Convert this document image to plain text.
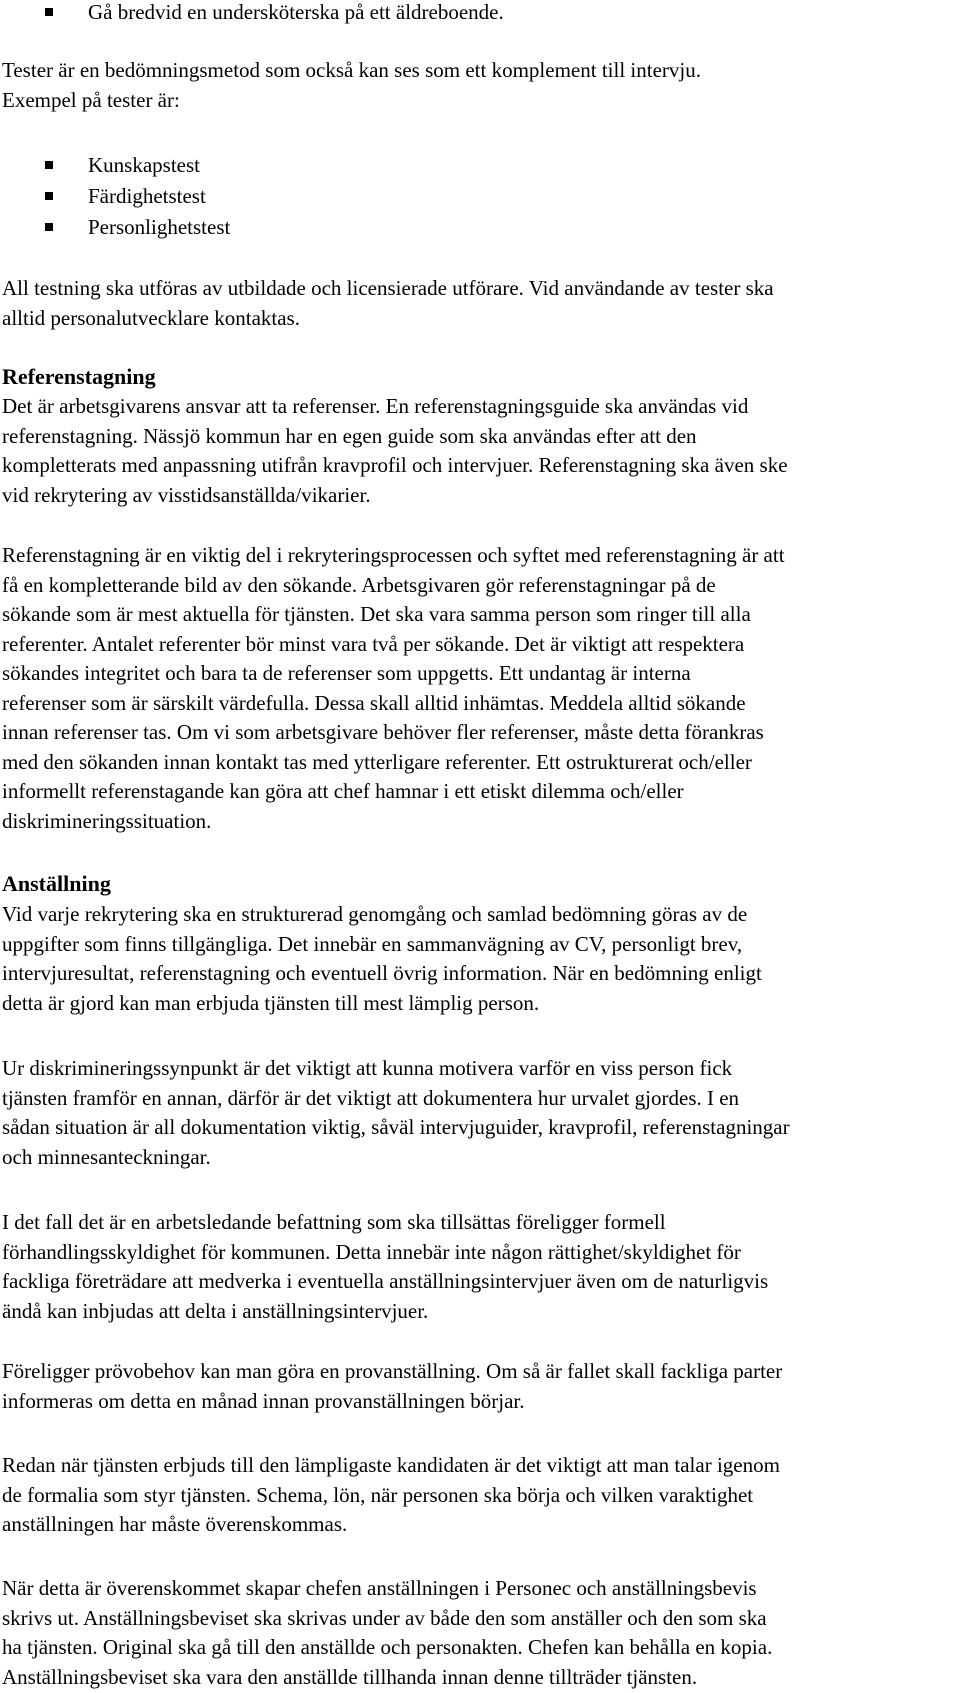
Gå bredvid en undersköterska på ett äldreboende.

Tester är en bedömningsmetod som också kan ses som ett komplement till intervju.
Exempel på tester är:

Kunskapstest
Färdighetstest
Personlighetstest

All testning ska utföras av utbildade och licensierade utförare. Vid användande av tester ska
alltid personalutvecklare kontaktas.

Referenstagning

Det är arbetsgivarens ansvar att ta referenser. En referenstagningsguide ska användas vid
referenstagning. Nässjö kommun har en egen guide som ska användas efter att den
kompletterats med anpassning utifrån kravprofil och intervjuer. Referenstagning ska även ske
vid rekrytering av visstidsanställda/vikarier.

Referenstagning är en viktig del i rekryteringsprocessen och syftet med referenstagning är att
få en kompletterande bild av den sökande. Arbetsgivaren gör referenstagningar på de
sökande som är mest aktuella för tjänsten. Det ska vara samma person som ringer till alla
referenter. Antalet referenter bör minst vara två per sökande. Det är viktigt att respektera
sökandes integritet och bara ta de referenser som uppgetts. Ett undantag är interna
referenser som är särskilt värdefulla. Dessa skall alltid inhämtas. Meddela alltid sökande
innan referenser tas. Om vi som arbetsgivare behöver fler referenser, måste detta förankras
med den sökanden innan kontakt tas med ytterligare referenter. Ett ostrukturerat och/eller
informellt referenstagande kan göra att chef hamnar i ett etiskt dilemma och/eller
diskrimineringssituation.

Anställning

Vid varje rekrytering ska en strukturerad genomgång och samlad bedömning göras av de
uppgifter som finns tillgängliga. Det innebär en sammanvägning av CV, personligt brev,
intervjuresultat, referenstagning och eventuell övrig information. När en bedömning enligt
detta är gjord kan man erbjuda tjänsten till mest lämplig person.

Ur diskrimineringssynpunkt är det viktigt att kunna motivera varför en viss person fick
tjänsten framför en annan, därför är det viktigt att dokumentera hur urvalet gjordes. I en
sådan situation är all dokumentation viktig, såväl intervjuguider, kravprofil, referenstagningar
och minnesanteckningar.

I det fall det är en arbetsledande befattning som ska tillsättas föreligger formell
förhandlingsskyldighet för kommunen. Detta innebär inte någon rättighet/skyldighet för
fackliga företrädare att medverka i eventuella anställningsintervjuer även om de naturligvis
ändå kan inbjudas att delta i anställningsintervjuer.

Föreligger prövobehov kan man göra en provanställning. Om så är fallet skall fackliga parter
informeras om detta en månad innan provanställningen börjar.

Redan när tjänsten erbjuds till den lämpligaste kandidaten är det viktigt att man talar igenom
de formalia som styr tjänsten. Schema, lön, när personen ska börja och vilken varaktighet
anställningen har måste överenskommas.

När detta är överenskommet skapar chefen anställningen i Personec och anställningsbevis
skrivs ut. Anställningsbeviset ska skrivas under av både den som anställer och den som ska
ha tjänsten. Original ska gå till den anställde och personakten. Chefen kan behålla en kopia.
Anställningsbeviset ska vara den anställde tillhanda innan denne tillträder tjänsten.
